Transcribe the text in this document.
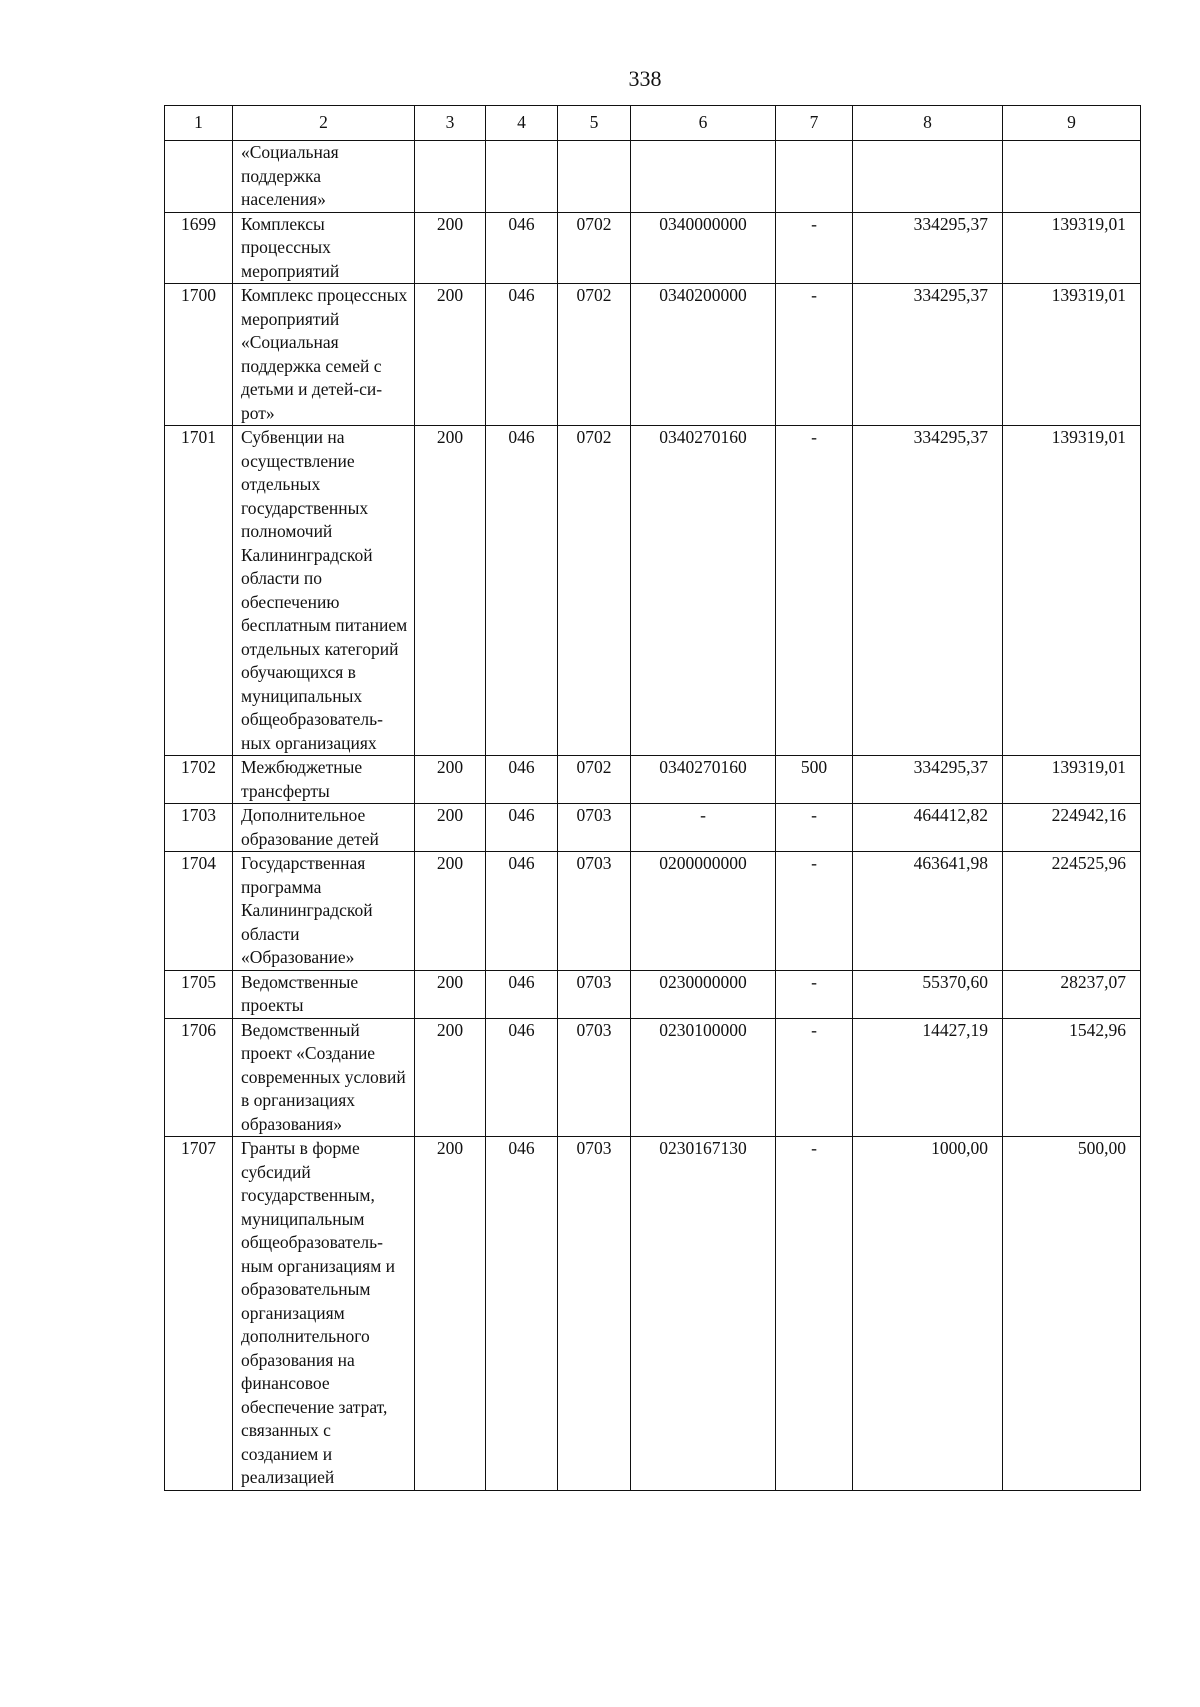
338
1	2	3	4	5	6	7	8	9
	«Социальная поддержка населения»							
1699	Комплексы процессных мероприятий	200	046	0702	0340000000	-	334295,37	139319,01
1700	Комплекс процессных мероприятий «Социальная поддержка семей с детьми и детей-си-рот»	200	046	0702	0340200000	-	334295,37	139319,01
1701	Субвенции на осуществление отдельных государственных полномочий Калининградской области по обеспечению бесплатным питанием отдельных категорий обучающихся в муниципальных общеобразователь-ных организациях	200	046	0702	0340270160	-	334295,37	139319,01
1702	Межбюджетные трансферты	200	046	0702	0340270160	500	334295,37	139319,01
1703	Дополнительное образование детей	200	046	0703	-	-	464412,82	224942,16
1704	Государственная программа Калининградской области «Образование»	200	046	0703	0200000000	-	463641,98	224525,96
1705	Ведомственные проекты	200	046	0703	0230000000	-	55370,60	28237,07
1706	Ведомственный проект «Создание современных условий в организациях образования»	200	046	0703	0230100000	-	14427,19	1542,96
1707	Гранты в форме субсидий государственным, муниципальным общеобразователь-ным организациям и образовательным организациям дополнительного образования на финансовое обеспечение затрат, связанных с созданием и реализацией	200	046	0703	0230167130	-	1000,00	500,00
